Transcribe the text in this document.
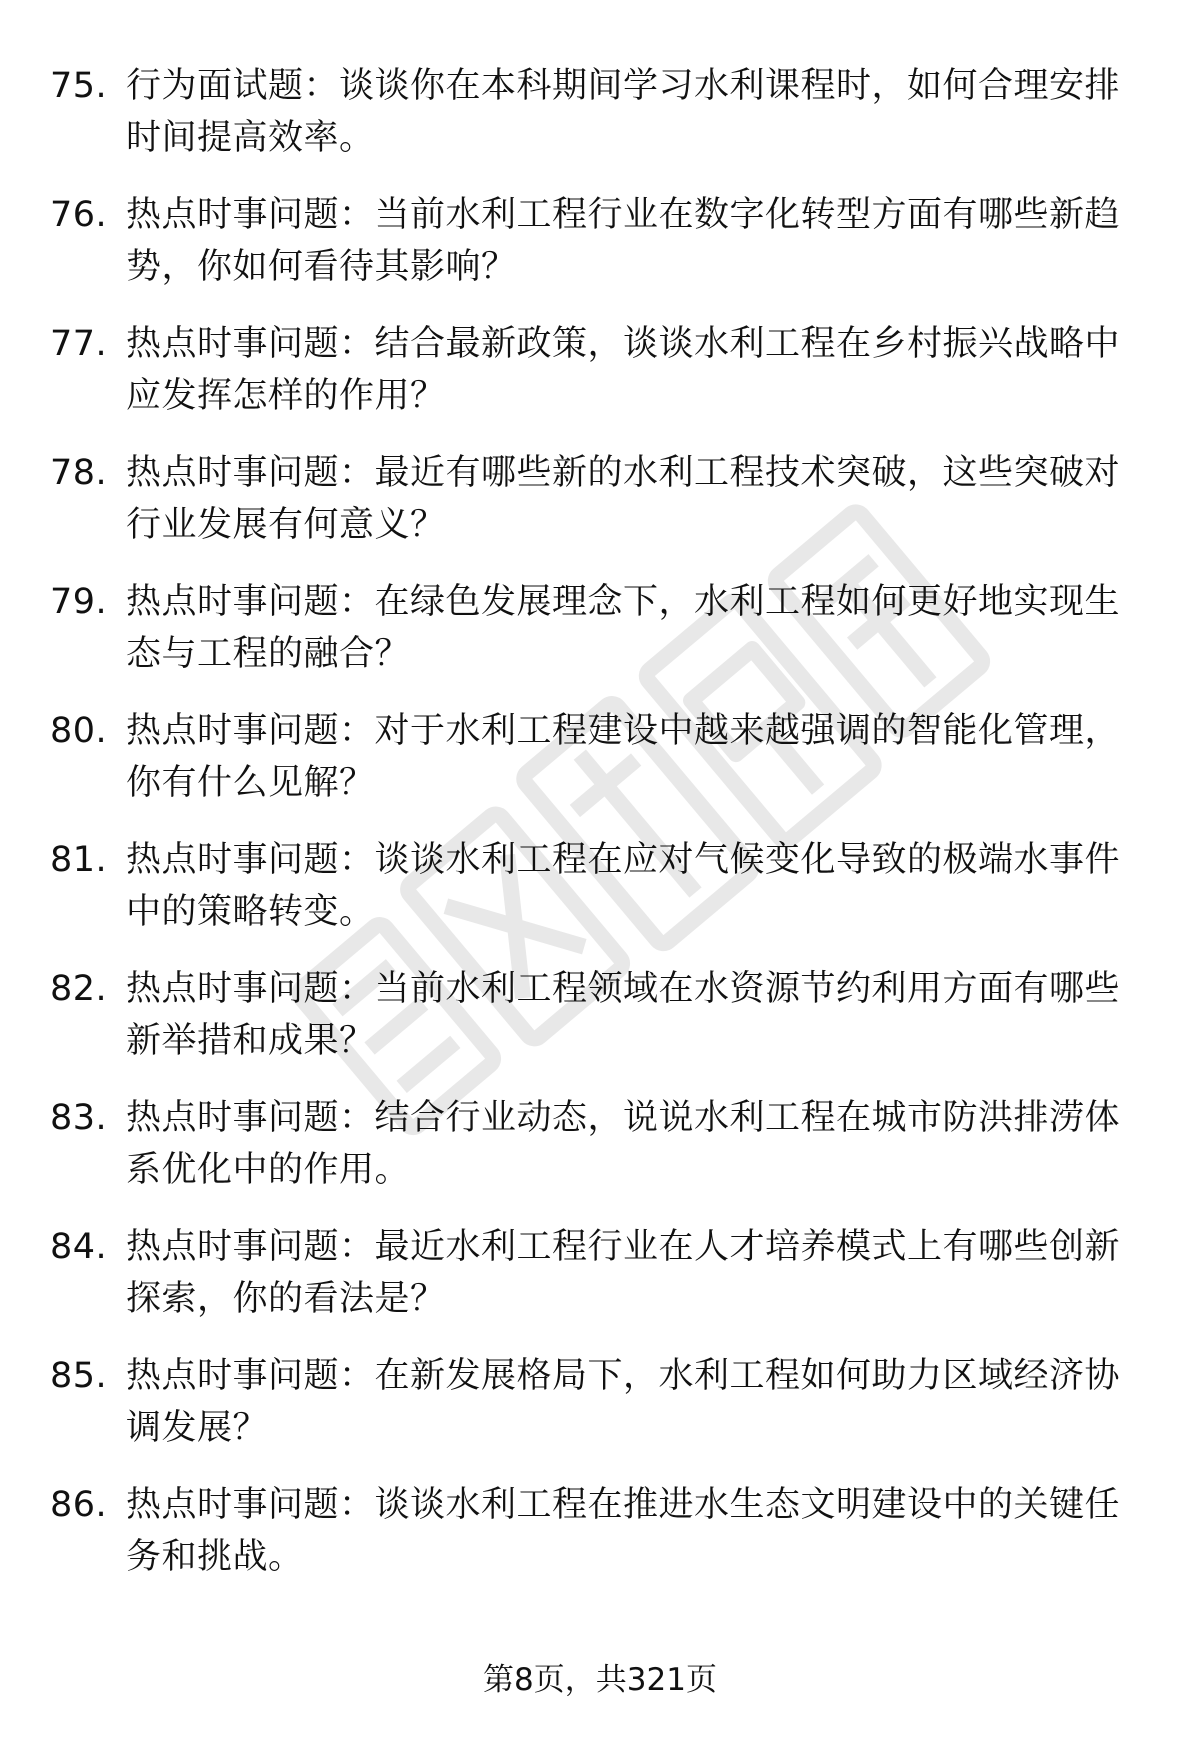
75. 行为面试题：谈谈你在本科期间学习水利课程时，如何合理安排时间提高效率。
76. 热点时事问题：当前水利工程行业在数字化转型方面有哪些新趋势，你如何看待其影响？
77. 热点时事问题：结合最新政策，谈谈水利工程在乡村振兴战略中应发挥怎样的作用？
78. 热点时事问题：最近有哪些新的水利工程技术突破，这些突破对行业发展有何意义？
79. 热点时事问题：在绿色发展理念下，水利工程如何更好地实现生态与工程的融合？
80. 热点时事问题：对于水利工程建设中越来越强调的智能化管理，你有什么见解？
81. 热点时事问题：谈谈水利工程在应对气候变化导致的极端水事件中的策略转变。
82. 热点时事问题：当前水利工程领域在水资源节约利用方面有哪些新举措和成果？
83. 热点时事问题：结合行业动态，说说水利工程在城市防洪排涝体系优化中的作用。
84. 热点时事问题：最近水利工程行业在人才培养模式上有哪些创新探索，你的看法是？
85. 热点时事问题：在新发展格局下，水利工程如何助力区域经济协调发展？
86. 热点时事问题：谈谈水利工程在推进水生态文明建设中的关键任务和挑战。
第8页，共321页
